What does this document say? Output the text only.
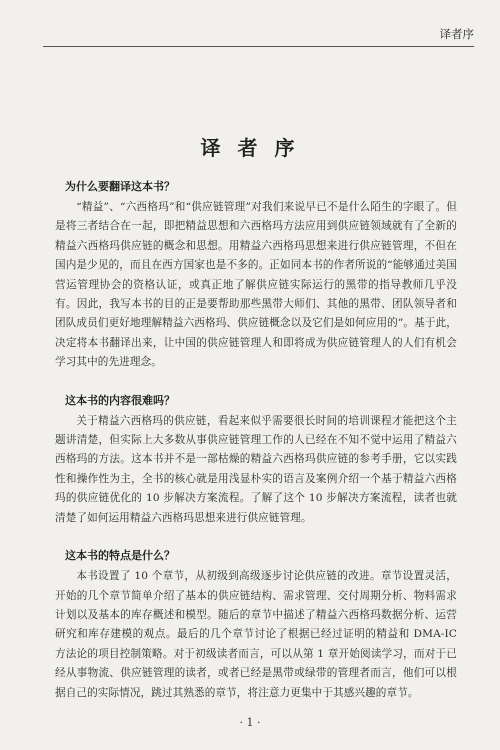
译者序
译 者 序
为什么要翻译这本书？

“精益”、“六西格玛”和“供应链管理”对我们来说早已不是什么陌生的字眼了。但是将三者结合在一起，即把精益思想和六西格玛方法应用到供应链领域就有了全新的精益六西格玛供应链的概念和思想。用精益六西格玛思想来进行供应链管理，不但在国内是少见的，而且在西方国家也是不多的。正如同本书的作者所说的“能够通过美国营运管理协会的资格认证，或真正地了解供应链实际运行的黑带的指导教师几乎没有。因此，我写本书的目的正是要帮助那些黑带大师们、其他的黑带、团队领导者和团队成员们更好地理解精益六西格玛、供应链概念以及它们是如何应用的”。基于此，决定将本书翻译出来，让中国的供应链管理人和即将成为供应链管理人的人们有机会学习其中的先进理念。

这本书的内容很难吗？

关于精益六西格玛的供应链，看起来似乎需要很长时间的培训课程才能把这个主题讲清楚，但实际上大多数从事供应链管理工作的人已经在不知不觉中运用了精益六西格玛的方法。这本书并不是一部枯燥的精益六西格玛供应链的参考手册，它以实践性和操作性为主，全书的核心就是用浅显朴实的语言及案例介绍一个基于精益六西格玛的供应链优化的 10 步解决方案流程。了解了这个 10 步解决方案流程，读者也就清楚了如何运用精益六西格玛思想来进行供应链管理。

这本书的特点是什么？

本书设置了 10 个章节，从初级到高级逐步讨论供应链的改进。章节设置灵活，开始的几个章节简单介绍了基本的供应链结构、需求管理、交付周期分析、物料需求计划以及基本的库存概述和模型。随后的章节中描述了精益六西格玛数据分析、运营研究和库存建模的观点。最后的几个章节讨论了根据已经过证明的精益和 DMA-IC 方法论的项目控制策略。对于初级读者而言，可以从第 1 章开始阅读学习，而对于已经从事物流、供应链管理的读者，或者已经是黑带或绿带的管理者而言，他们可以根据自己的实际情况，跳过其熟悉的章节，将注意力更集中于其感兴趣的章节。

· 1 ·
